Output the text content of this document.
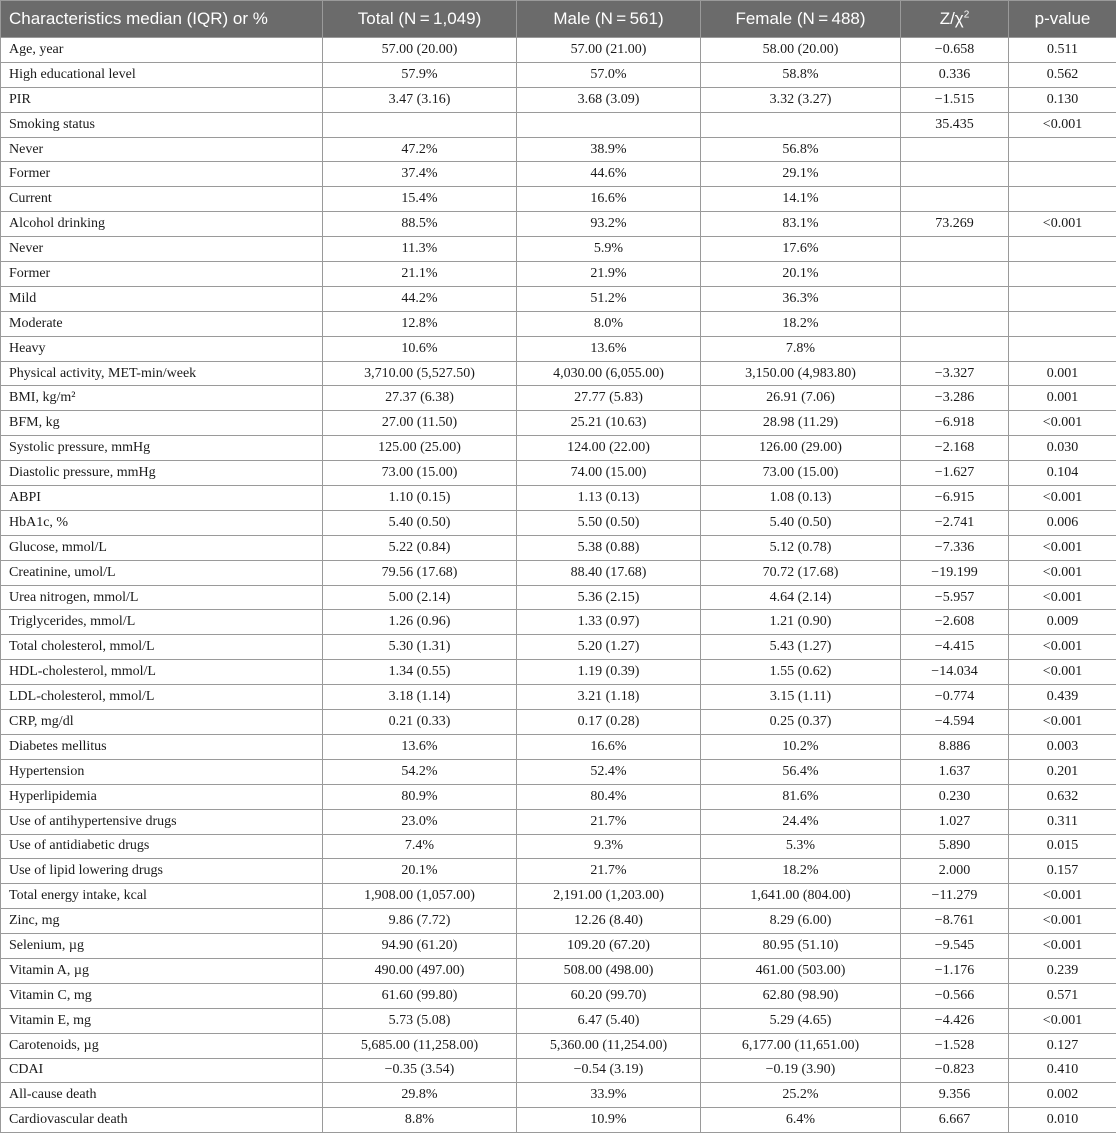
Characteristics median (IQR) or %	Total (N = 1,049)	Male (N = 561)	Female (N = 488)	$Z/\chi^2$	p-value
Age, year	57.00 (20.00)	57.00 (21.00)	58.00 (20.00)	−0.658	0.511
High educational level	57.9%	57.0%	58.8%	0.336	0.562
PIR	3.47 (3.16)	3.68 (3.09)	3.32 (3.27)	−1.515	0.130
Smoking status				35.435	<0.001
Never	47.2%	38.9%	56.8%		
Former	37.4%	44.6%	29.1%		
Current	15.4%	16.6%	14.1%		
Alcohol drinking	88.5%	93.2%	83.1%	73.269	<0.001
Never	11.3%	5.9%	17.6%		
Former	21.1%	21.9%	20.1%		
Mild	44.2%	51.2%	36.3%		
Moderate	12.8%	8.0%	18.2%		
Heavy	10.6%	13.6%	7.8%		
Physical activity, MET-min/week	3,710.00 (5,527.50)	4,030.00 (6,055.00)	3,150.00 (4,983.80)	−3.327	0.001
BMI, kg/m²	27.37 (6.38)	27.77 (5.83)	26.91 (7.06)	−3.286	0.001
BFM, kg	27.00 (11.50)	25.21 (10.63)	28.98 (11.29)	−6.918	<0.001
Systolic pressure, mmHg	125.00 (25.00)	124.00 (22.00)	126.00 (29.00)	−2.168	0.030
Diastolic pressure, mmHg	73.00 (15.00)	74.00 (15.00)	73.00 (15.00)	−1.627	0.104
ABPI	1.10 (0.15)	1.13 (0.13)	1.08 (0.13)	−6.915	<0.001
HbA1c, %	5.40 (0.50)	5.50 (0.50)	5.40 (0.50)	−2.741	0.006
Glucose, mmol/L	5.22 (0.84)	5.38 (0.88)	5.12 (0.78)	−7.336	<0.001
Creatinine, umol/L	79.56 (17.68)	88.40 (17.68)	70.72 (17.68)	−19.199	<0.001
Urea nitrogen, mmol/L	5.00 (2.14)	5.36 (2.15)	4.64 (2.14)	−5.957	<0.001
Triglycerides, mmol/L	1.26 (0.96)	1.33 (0.97)	1.21 (0.90)	−2.608	0.009
Total cholesterol, mmol/L	5.30 (1.31)	5.20 (1.27)	5.43 (1.27)	−4.415	<0.001
HDL-cholesterol, mmol/L	1.34 (0.55)	1.19 (0.39)	1.55 (0.62)	−14.034	<0.001
LDL-cholesterol, mmol/L	3.18 (1.14)	3.21 (1.18)	3.15 (1.11)	−0.774	0.439
CRP, mg/dl	0.21 (0.33)	0.17 (0.28)	0.25 (0.37)	−4.594	<0.001
Diabetes mellitus	13.6%	16.6%	10.2%	8.886	0.003
Hypertension	54.2%	52.4%	56.4%	1.637	0.201
Hyperlipidemia	80.9%	80.4%	81.6%	0.230	0.632
Use of antihypertensive drugs	23.0%	21.7%	24.4%	1.027	0.311
Use of antidiabetic drugs	7.4%	9.3%	5.3%	5.890	0.015
Use of lipid lowering drugs	20.1%	21.7%	18.2%	2.000	0.157
Total energy intake, kcal	1,908.00 (1,057.00)	2,191.00 (1,203.00)	1,641.00 (804.00)	−11.279	<0.001
Zinc, mg	9.86 (7.72)	12.26 (8.40)	8.29 (6.00)	−8.761	<0.001
Selenium, µg	94.90 (61.20)	109.20 (67.20)	80.95 (51.10)	−9.545	<0.001
Vitamin A, µg	490.00 (497.00)	508.00 (498.00)	461.00 (503.00)	−1.176	0.239
Vitamin C, mg	61.60 (99.80)	60.20 (99.70)	62.80 (98.90)	−0.566	0.571
Vitamin E, mg	5.73 (5.08)	6.47 (5.40)	5.29 (4.65)	−4.426	<0.001
Carotenoids, µg	5,685.00 (11,258.00)	5,360.00 (11,254.00)	6,177.00 (11,651.00)	−1.528	0.127
CDAI	−0.35 (3.54)	−0.54 (3.19)	−0.19 (3.90)	−0.823	0.410
All-cause death	29.8%	33.9%	25.2%	9.356	0.002
Cardiovascular death	8.8%	10.9%	6.4%	6.667	0.010
